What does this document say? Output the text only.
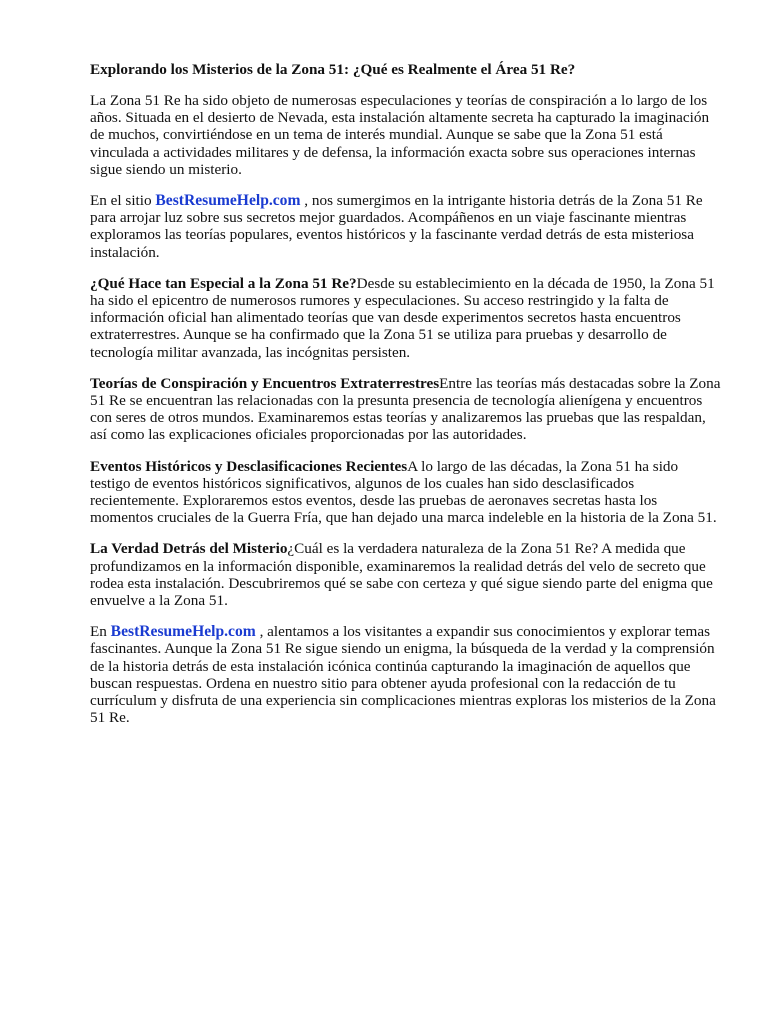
Explorando los Misterios de la Zona 51: ¿Qué es Realmente el Área 51 Re?

La Zona 51 Re ha sido objeto de numerosas especulaciones y teorías de conspiración a lo largo de los años. Situada en el desierto de Nevada, esta instalación altamente secreta ha capturado la imaginación de muchos, convirtiéndose en un tema de interés mundial. Aunque se sabe que la Zona 51 está vinculada a actividades militares y de defensa, la información exacta sobre sus operaciones internas sigue siendo un misterio.

En el sitio BestResumeHelp.com , nos sumergimos en la intrigante historia detrás de la Zona 51 Re para arrojar luz sobre sus secretos mejor guardados. Acompáñenos en un viaje fascinante mientras exploramos las teorías populares, eventos históricos y la fascinante verdad detrás de esta misteriosa instalación.

¿Qué Hace tan Especial a la Zona 51 Re?Desde su establecimiento en la década de 1950, la Zona 51 ha sido el epicentro de numerosos rumores y especulaciones. Su acceso restringido y la falta de información oficial han alimentado teorías que van desde experimentos secretos hasta encuentros extraterrestres. Aunque se ha confirmado que la Zona 51 se utiliza para pruebas y desarrollo de tecnología militar avanzada, las incógnitas persisten.

Teorías de Conspiración y Encuentros ExtraterrestresEntre las teorías más destacadas sobre la Zona 51 Re se encuentran las relacionadas con la presunta presencia de tecnología alienígena y encuentros con seres de otros mundos. Examinaremos estas teorías y analizaremos las pruebas que las respaldan, así como las explicaciones oficiales proporcionadas por las autoridades.

Eventos Históricos y Desclasificaciones RecientesA lo largo de las décadas, la Zona 51 ha sido testigo de eventos históricos significativos, algunos de los cuales han sido desclasificados recientemente. Exploraremos estos eventos, desde las pruebas de aeronaves secretas hasta los momentos cruciales de la Guerra Fría, que han dejado una marca indeleble en la historia de la Zona 51.

La Verdad Detrás del Misterio¿Cuál es la verdadera naturaleza de la Zona 51 Re? A medida que profundizamos en la información disponible, examinaremos la realidad detrás del velo de secreto que rodea esta instalación. Descubriremos qué se sabe con certeza y qué sigue siendo parte del enigma que envuelve a la Zona 51.

En BestResumeHelp.com , alentamos a los visitantes a expandir sus conocimientos y explorar temas fascinantes. Aunque la Zona 51 Re sigue siendo un enigma, la búsqueda de la verdad y la comprensión de la historia detrás de esta instalación icónica continúa capturando la imaginación de aquellos que buscan respuestas. Ordena en nuestro sitio para obtener ayuda profesional con la redacción de tu currículum y disfruta de una experiencia sin complicaciones mientras exploras los misterios de la Zona 51 Re.
